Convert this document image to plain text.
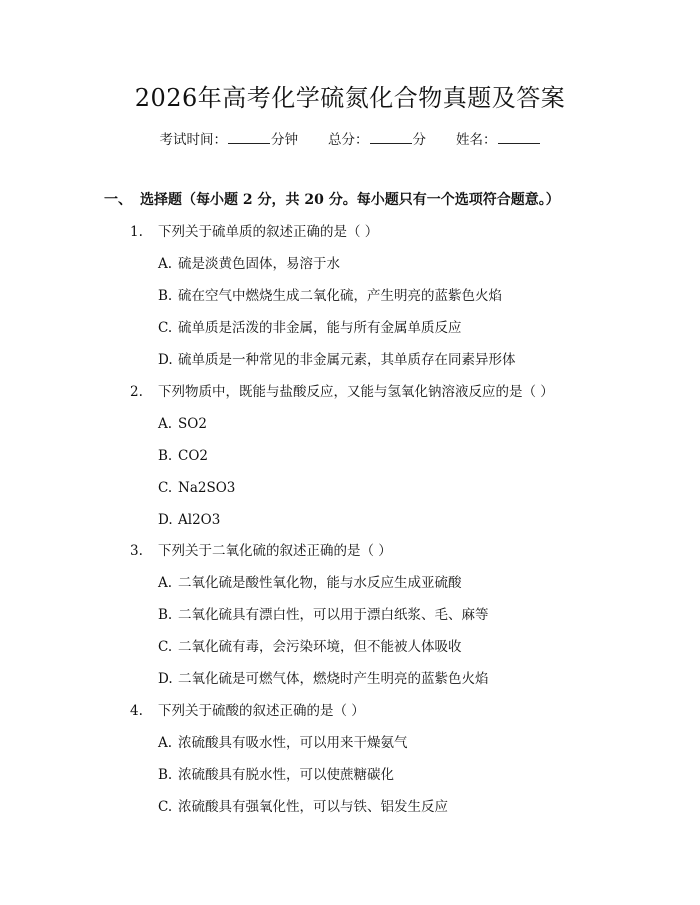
2026年高考化学硫氮化合物真题及答案
考试时间：	分钟 总分：	分 姓名：
一、 选择题（每小题 2 分，共 20 分。每小题只有一个选项符合题意。）
1. 下列关于硫单质的叙述正确的是（ ）
A. 硫是淡黄色固体，易溶于水
B. 硫在空气中燃烧生成二氧化硫，产生明亮的蓝紫色火焰
C. 硫单质是活泼的非金属，能与所有金属单质反应
D. 硫单质是一种常见的非金属元素，其单质存在同素异形体
2. 下列物质中，既能与盐酸反应，又能与氢氧化钠溶液反应的是（ ）
A. SO2
B. CO2
C. Na2SO3
D. Al2O3
3. 下列关于二氧化硫的叙述正确的是（ ）
A. 二氧化硫是酸性氧化物，能与水反应生成亚硫酸
B. 二氧化硫具有漂白性，可以用于漂白纸浆、毛、麻等
C. 二氧化硫有毒，会污染环境，但不能被人体吸收
D. 二氧化硫是可燃气体，燃烧时产生明亮的蓝紫色火焰
4. 下列关于硫酸的叙述正确的是（ ）
A. 浓硫酸具有吸水性，可以用来干燥氨气
B. 浓硫酸具有脱水性，可以使蔗糖碳化
C. 浓硫酸具有强氧化性，可以与铁、铝发生反应
